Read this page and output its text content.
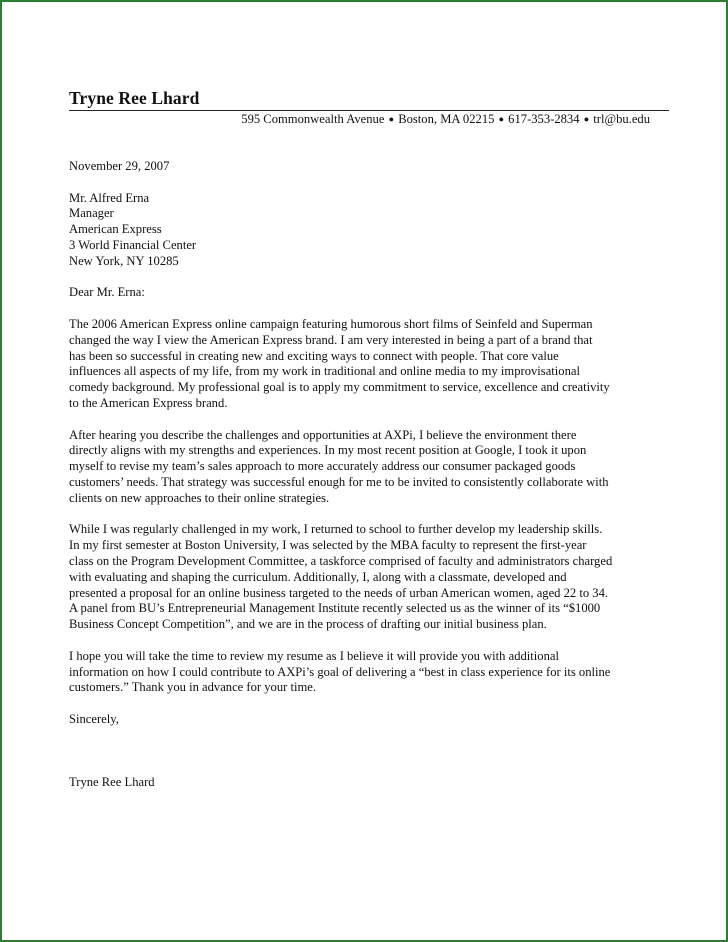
Tryne Ree Lhard
595 Commonwealth Avenue ● Boston, MA 02215 ● 617-353-2834 ● trl@bu.edu

November 29, 2007

Mr. Alfred Erna
Manager
American Express
3 World Financial Center
New York, NY 10285

Dear Mr. Erna:

The 2006 American Express online campaign featuring humorous short films of Seinfeld and Superman
changed the way I view the American Express brand. I am very interested in being a part of a brand that
has been so successful in creating new and exciting ways to connect with people. That core value
influences all aspects of my life, from my work in traditional and online media to my improvisational
comedy background. My professional goal is to apply my commitment to service, excellence and creativity
to the American Express brand.

After hearing you describe the challenges and opportunities at AXPi, I believe the environment there
directly aligns with my strengths and experiences. In my most recent position at Google, I took it upon
myself to revise my team’s sales approach to more accurately address our consumer packaged goods
customers’ needs. That strategy was successful enough for me to be invited to consistently collaborate with
clients on new approaches to their online strategies.

While I was regularly challenged in my work, I returned to school to further develop my leadership skills.
In my first semester at Boston University, I was selected by the MBA faculty to represent the first-year
class on the Program Development Committee, a taskforce comprised of faculty and administrators charged
with evaluating and shaping the curriculum. Additionally, I, along with a classmate, developed and
presented a proposal for an online business targeted to the needs of urban American women, aged 22 to 34.
A panel from BU’s Entrepreneurial Management Institute recently selected us as the winner of its “$1000
Business Concept Competition”, and we are in the process of drafting our initial business plan.

I hope you will take the time to review my resume as I believe it will provide you with additional
information on how I could contribute to AXPi’s goal of delivering a “best in class experience for its online
customers.” Thank you in advance for your time.

Sincerely,

Tryne Ree Lhard
